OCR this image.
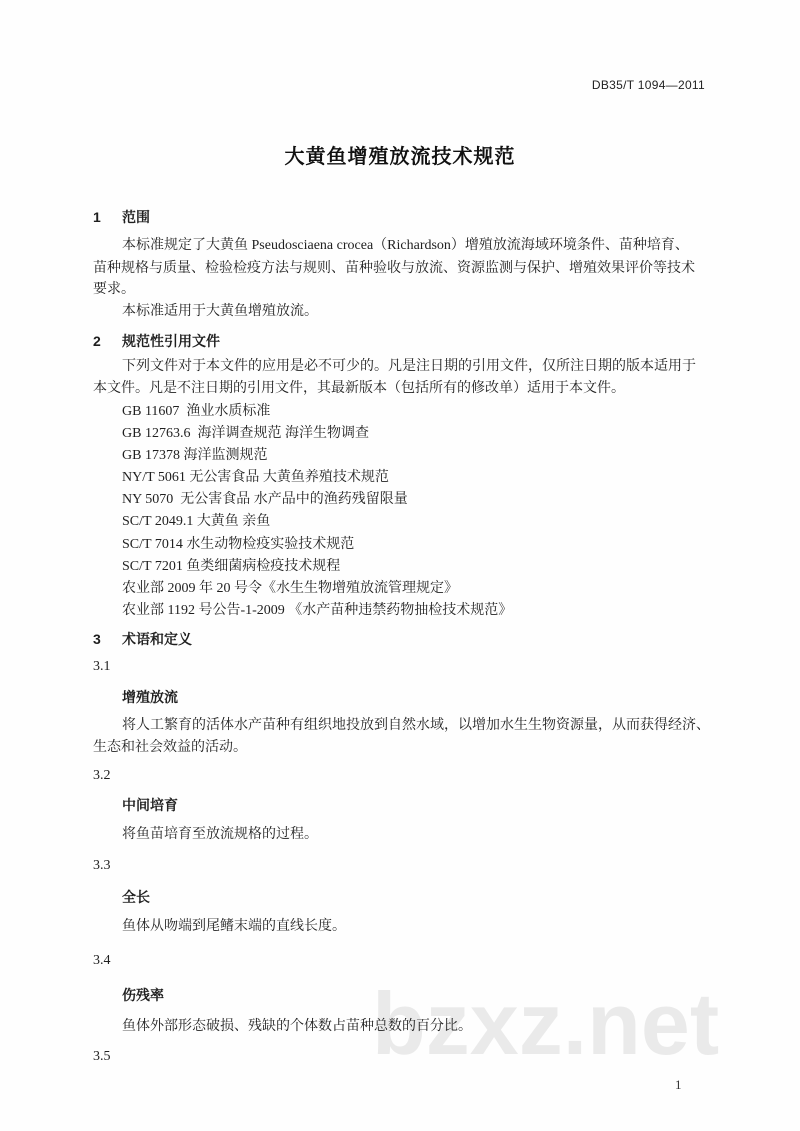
DB35/T 1094—2011
大黄鱼增殖放流技术规范
1 范围
本标准规定了大黄鱼 Pseudosciaena crocea（Richardson）增殖放流海域环境条件、苗种培育、
苗种规格与质量、检验检疫方法与规则、苗种验收与放流、资源监测与保护、增殖效果评价等技术
要求。
本标准适用于大黄鱼增殖放流。
2 规范性引用文件
下列文件对于本文件的应用是必不可少的。凡是注日期的引用文件，仅所注日期的版本适用于
本文件。凡是不注日期的引用文件，其最新版本（包括所有的修改单）适用于本文件。
GB 11607  渔业水质标准
GB 12763.6  海洋调查规范 海洋生物调查
GB 17378 海洋监测规范
NY/T 5061 无公害食品 大黄鱼养殖技术规范
NY 5070  无公害食品 水产品中的渔药残留限量
SC/T 2049.1 大黄鱼 亲鱼
SC/T 7014 水生动物检疫实验技术规范
SC/T 7201 鱼类细菌病检疫技术规程
农业部 2009 年 20 号令《水生生物增殖放流管理规定》
农业部 1192 号公告-1-2009 《水产苗种违禁药物抽检技术规范》
3 术语和定义
3.1
增殖放流
将人工繁育的活体水产苗种有组织地投放到自然水域，以增加水生生物资源量，从而获得经济、
生态和社会效益的活动。
3.2
中间培育
将鱼苗培育至放流规格的过程。
3.3
全长
鱼体从吻端到尾鳍末端的直线长度。
3.4
伤残率
鱼体外部形态破损、残缺的个体数占苗种总数的百分比。
3.5	bzxz.net
1
